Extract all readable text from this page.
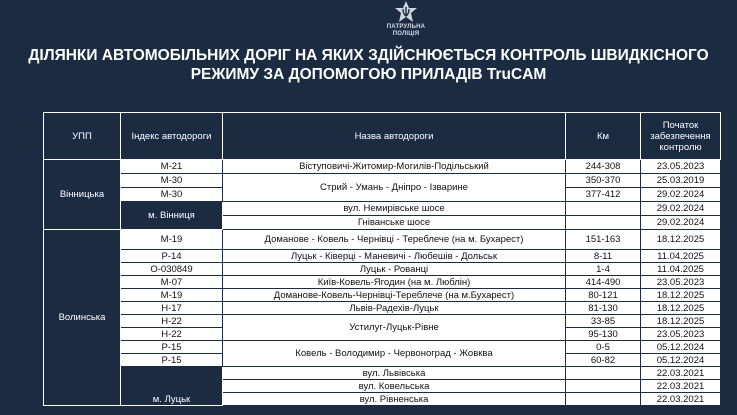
ПАТРУЛЬНА
ПОЛІЦІЯ
ДІЛЯНКИ АВТОМОБІЛЬНИХ ДОРІГ НА ЯКИХ ЗДІЙСНЮЄТЬСЯ КОНТРОЛЬ ШВИДКІСНОГО
РЕЖИМУ ЗА ДОПОМОГОЮ ПРИЛАДІВ TruCAM
УПП	Індекс автодороги	Назва автодороги	Км	Початок
забезпечення
контролю

Вінницька	М-21	Віступовичі-Житомир-Могилів-Подільський	244-308	23.05.2023
	М-30	Стрий - Умань - Дніпро - Ізварине	350-370	25.03.2019
	М-30		377-412	29.02.2024
	м. Вінниця	вул. Немирівське шосе		29.02.2024
		Гніванське шосе		29.02.2024
Волинська	М-19	Доманове - Ковель - Чернівці - Тереблече (на м. Бухарест)	151-163	18.12.2025
	Р-14	Луцьк - Ківерці - Маневичі - Любешів - Дольськ	8-11	11.04.2025
	О-030849	Луцьк - Рованці	1-4	11.04.2025
	М-07	Київ-Ковель-Ягодин (на м. Люблін)	414-490	23.05.2023
	М-19	Доманове-Ковель-Чернівці-Тереблече (на м.Бухарест)	80-121	18.12.2025
	Н-17	Львів-Радехів-Луцьк	81-130	18.12.2025
	Н-22	Устилуг-Луцьк-Рівне	33-85	18.12.2025
	Н-22		95-130	23.05.2023
	Р-15	Ковель - Володимир - Червоноград - Жовква	0-5	05.12.2024
	Р-15		60-82	05.12.2024
	м. Луцьк	вул. Львівська		22.03.2021
		вул. Ковельська		22.03.2021
		вул. Рівненська		22.03.2021
